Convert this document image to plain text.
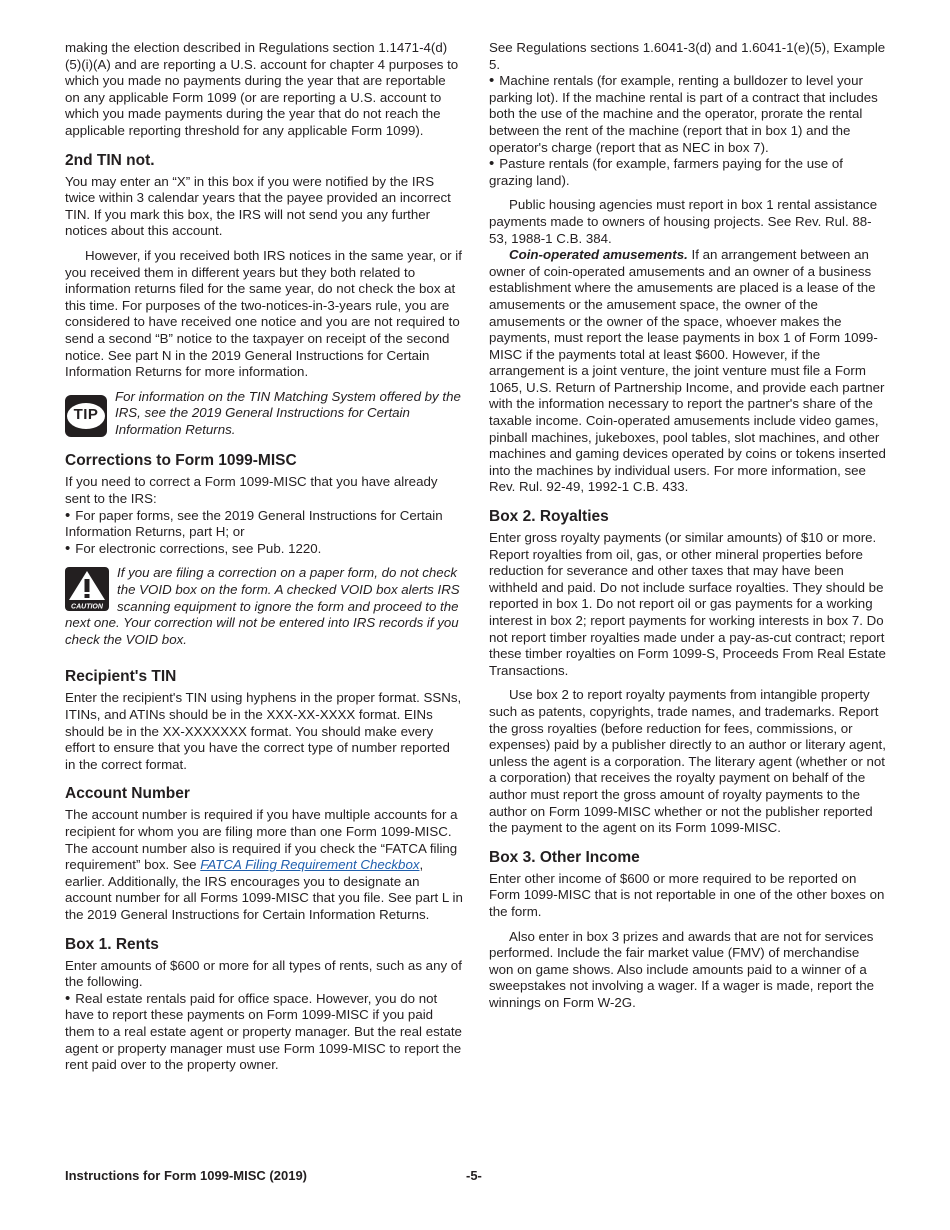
making the election described in Regulations section 1.1471-4(d)(5)(i)(A) and are reporting a U.S. account for chapter 4 purposes to which you made no payments during the year that are reportable on any applicable Form 1099 (or are reporting a U.S. account to which you made payments during the year that do not reach the applicable reporting threshold for any applicable Form 1099).

2nd TIN not.

You may enter an “X” in this box if you were notified by the IRS twice within 3 calendar years that the payee provided an incorrect TIN. If you mark this box, the IRS will not send you any further notices about this account.

However, if you received both IRS notices in the same year, or if you received them in different years but they both related to information returns filed for the same year, do not check the box at this time. For purposes of the two-notices-in-3-years rule, you are considered to have received one notice and you are not required to send a second “B” notice to the taxpayer on receipt of the second notice. See part N in the 2019 General Instructions for Certain Information Returns for more information.

TIP
For information on the TIN Matching System offered by the IRS, see the 2019 General Instructions for Certain Information Returns.
Corrections to Form 1099-MISC

If you need to correct a Form 1099-MISC that you have already sent to the IRS:

• For paper forms, see the 2019 General Instructions for Certain Information Returns, part H; or

• For electronic corrections, see Pub. 1220.

CAUTION
If you are filing a correction on a paper form, do not check the VOID box on the form. A checked VOID box alerts IRS scanning equipment to ignore the form and proceed to the next one. Your correction will not be entered into IRS records if you check the VOID box.
Recipient's TIN

Enter the recipient's TIN using hyphens in the proper format. SSNs, ITINs, and ATINs should be in the XXX-XX-XXXX format. EINs should be in the XX-XXXXXXX format. You should make every effort to ensure that you have the correct type of number reported in the correct format.

Account Number

The account number is required if you have multiple accounts for a recipient for whom you are filing more than one Form 1099-MISC. The account number also is required if you check the “FATCA filing requirement” box. See FATCA Filing Requirement Checkbox, earlier. Additionally, the IRS encourages you to designate an account number for all Forms 1099-MISC that you file. See part L in the 2019 General Instructions for Certain Information Returns.

Box 1. Rents

Enter amounts of $600 or more for all types of rents, such as any of the following.

• Real estate rentals paid for office space. However, you do not have to report these payments on Form 1099-MISC if you paid them to a real estate agent or property manager. But the real estate agent or property manager must use Form 1099-MISC to report the rent paid over to the property owner.

See Regulations sections 1.6041-3(d) and 1.6041-1(e)(5), Example 5.

• Machine rentals (for example, renting a bulldozer to level your parking lot). If the machine rental is part of a contract that includes both the use of the machine and the operator, prorate the rental between the rent of the machine (report that in box 1) and the operator's charge (report that as NEC in box 7).

• Pasture rentals (for example, farmers paying for the use of grazing land).

Public housing agencies must report in box 1 rental assistance payments made to owners of housing projects. See Rev. Rul. 88-53, 1988-1 C.B. 384.

Coin-operated amusements. If an arrangement between an owner of coin-operated amusements and an owner of a business establishment where the amusements are placed is a lease of the amusements or the amusement space, the owner of the amusements or the owner of the space, whoever makes the payments, must report the lease payments in box 1 of Form 1099-MISC if the payments total at least $600. However, if the arrangement is a joint venture, the joint venture must file a Form 1065, U.S. Return of Partnership Income, and provide each partner with the information necessary to report the partner's share of the taxable income. Coin-operated amusements include video games, pinball machines, jukeboxes, pool tables, slot machines, and other machines and gaming devices operated by coins or tokens inserted into the machines by individual users. For more information, see Rev. Rul. 92-49, 1992-1 C.B. 433.

Box 2. Royalties

Enter gross royalty payments (or similar amounts) of $10 or more. Report royalties from oil, gas, or other mineral properties before reduction for severance and other taxes that may have been withheld and paid. Do not include surface royalties. They should be reported in box 1. Do not report oil or gas payments for a working interest in box 2; report payments for working interests in box 7. Do not report timber royalties made under a pay-as-cut contract; report these timber royalties on Form 1099-S, Proceeds From Real Estate Transactions.

Use box 2 to report royalty payments from intangible property such as patents, copyrights, trade names, and trademarks. Report the gross royalties (before reduction for fees, commissions, or expenses) paid by a publisher directly to an author or literary agent, unless the agent is a corporation. The literary agent (whether or not a corporation) that receives the royalty payment on behalf of the author must report the gross amount of royalty payments to the author on Form 1099-MISC whether or not the publisher reported the payment to the agent on its Form 1099-MISC.

Box 3. Other Income

Enter other income of $600 or more required to be reported on Form 1099-MISC that is not reportable in one of the other boxes on the form.

Also enter in box 3 prizes and awards that are not for services performed. Include the fair market value (FMV) of merchandise won on game shows. Also include amounts paid to a winner of a sweepstakes not involving a wager. If a wager is made, report the winnings on Form W-2G.

Instructions for Form 1099-MISC (2019)	-5-
